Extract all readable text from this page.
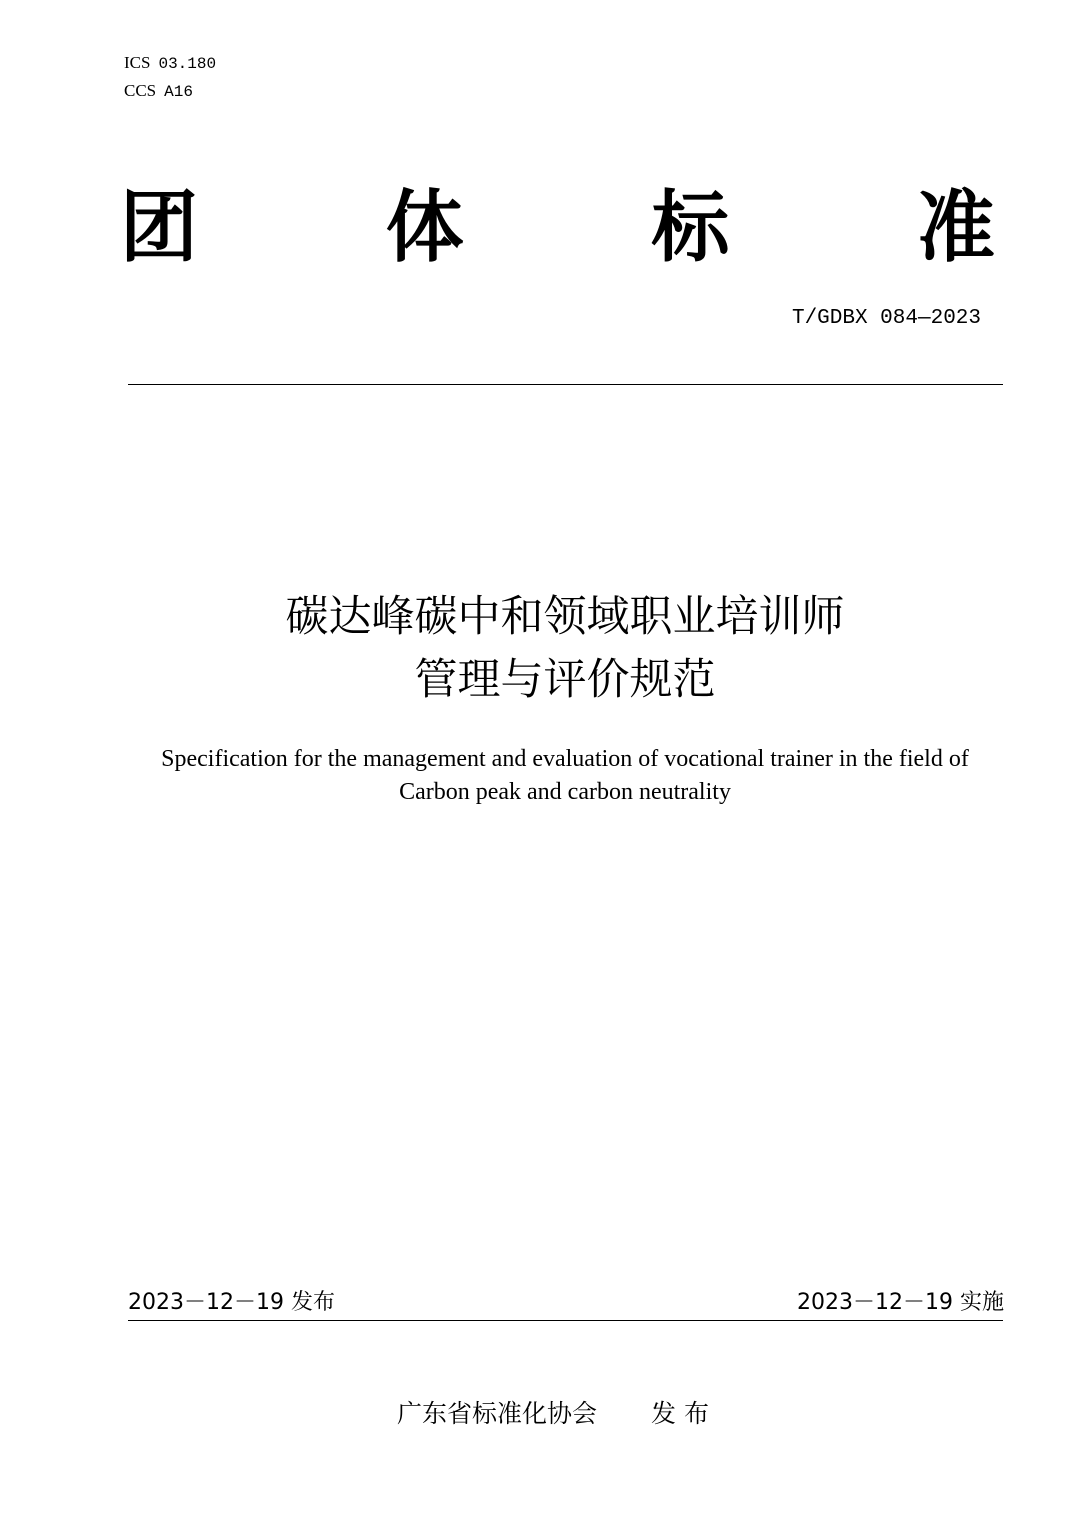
ICS 03.180
CCS A16
团 体 标 准
T/GDBX 084—2023
碳达峰碳中和领域职业培训师
管理与评价规范
Specification for the management and evaluation of vocational trainer in the field of
Carbon peak and carbon neutrality
2023－12－19 发布	2023－12－19 实施
广东省标准化协会 发 布
